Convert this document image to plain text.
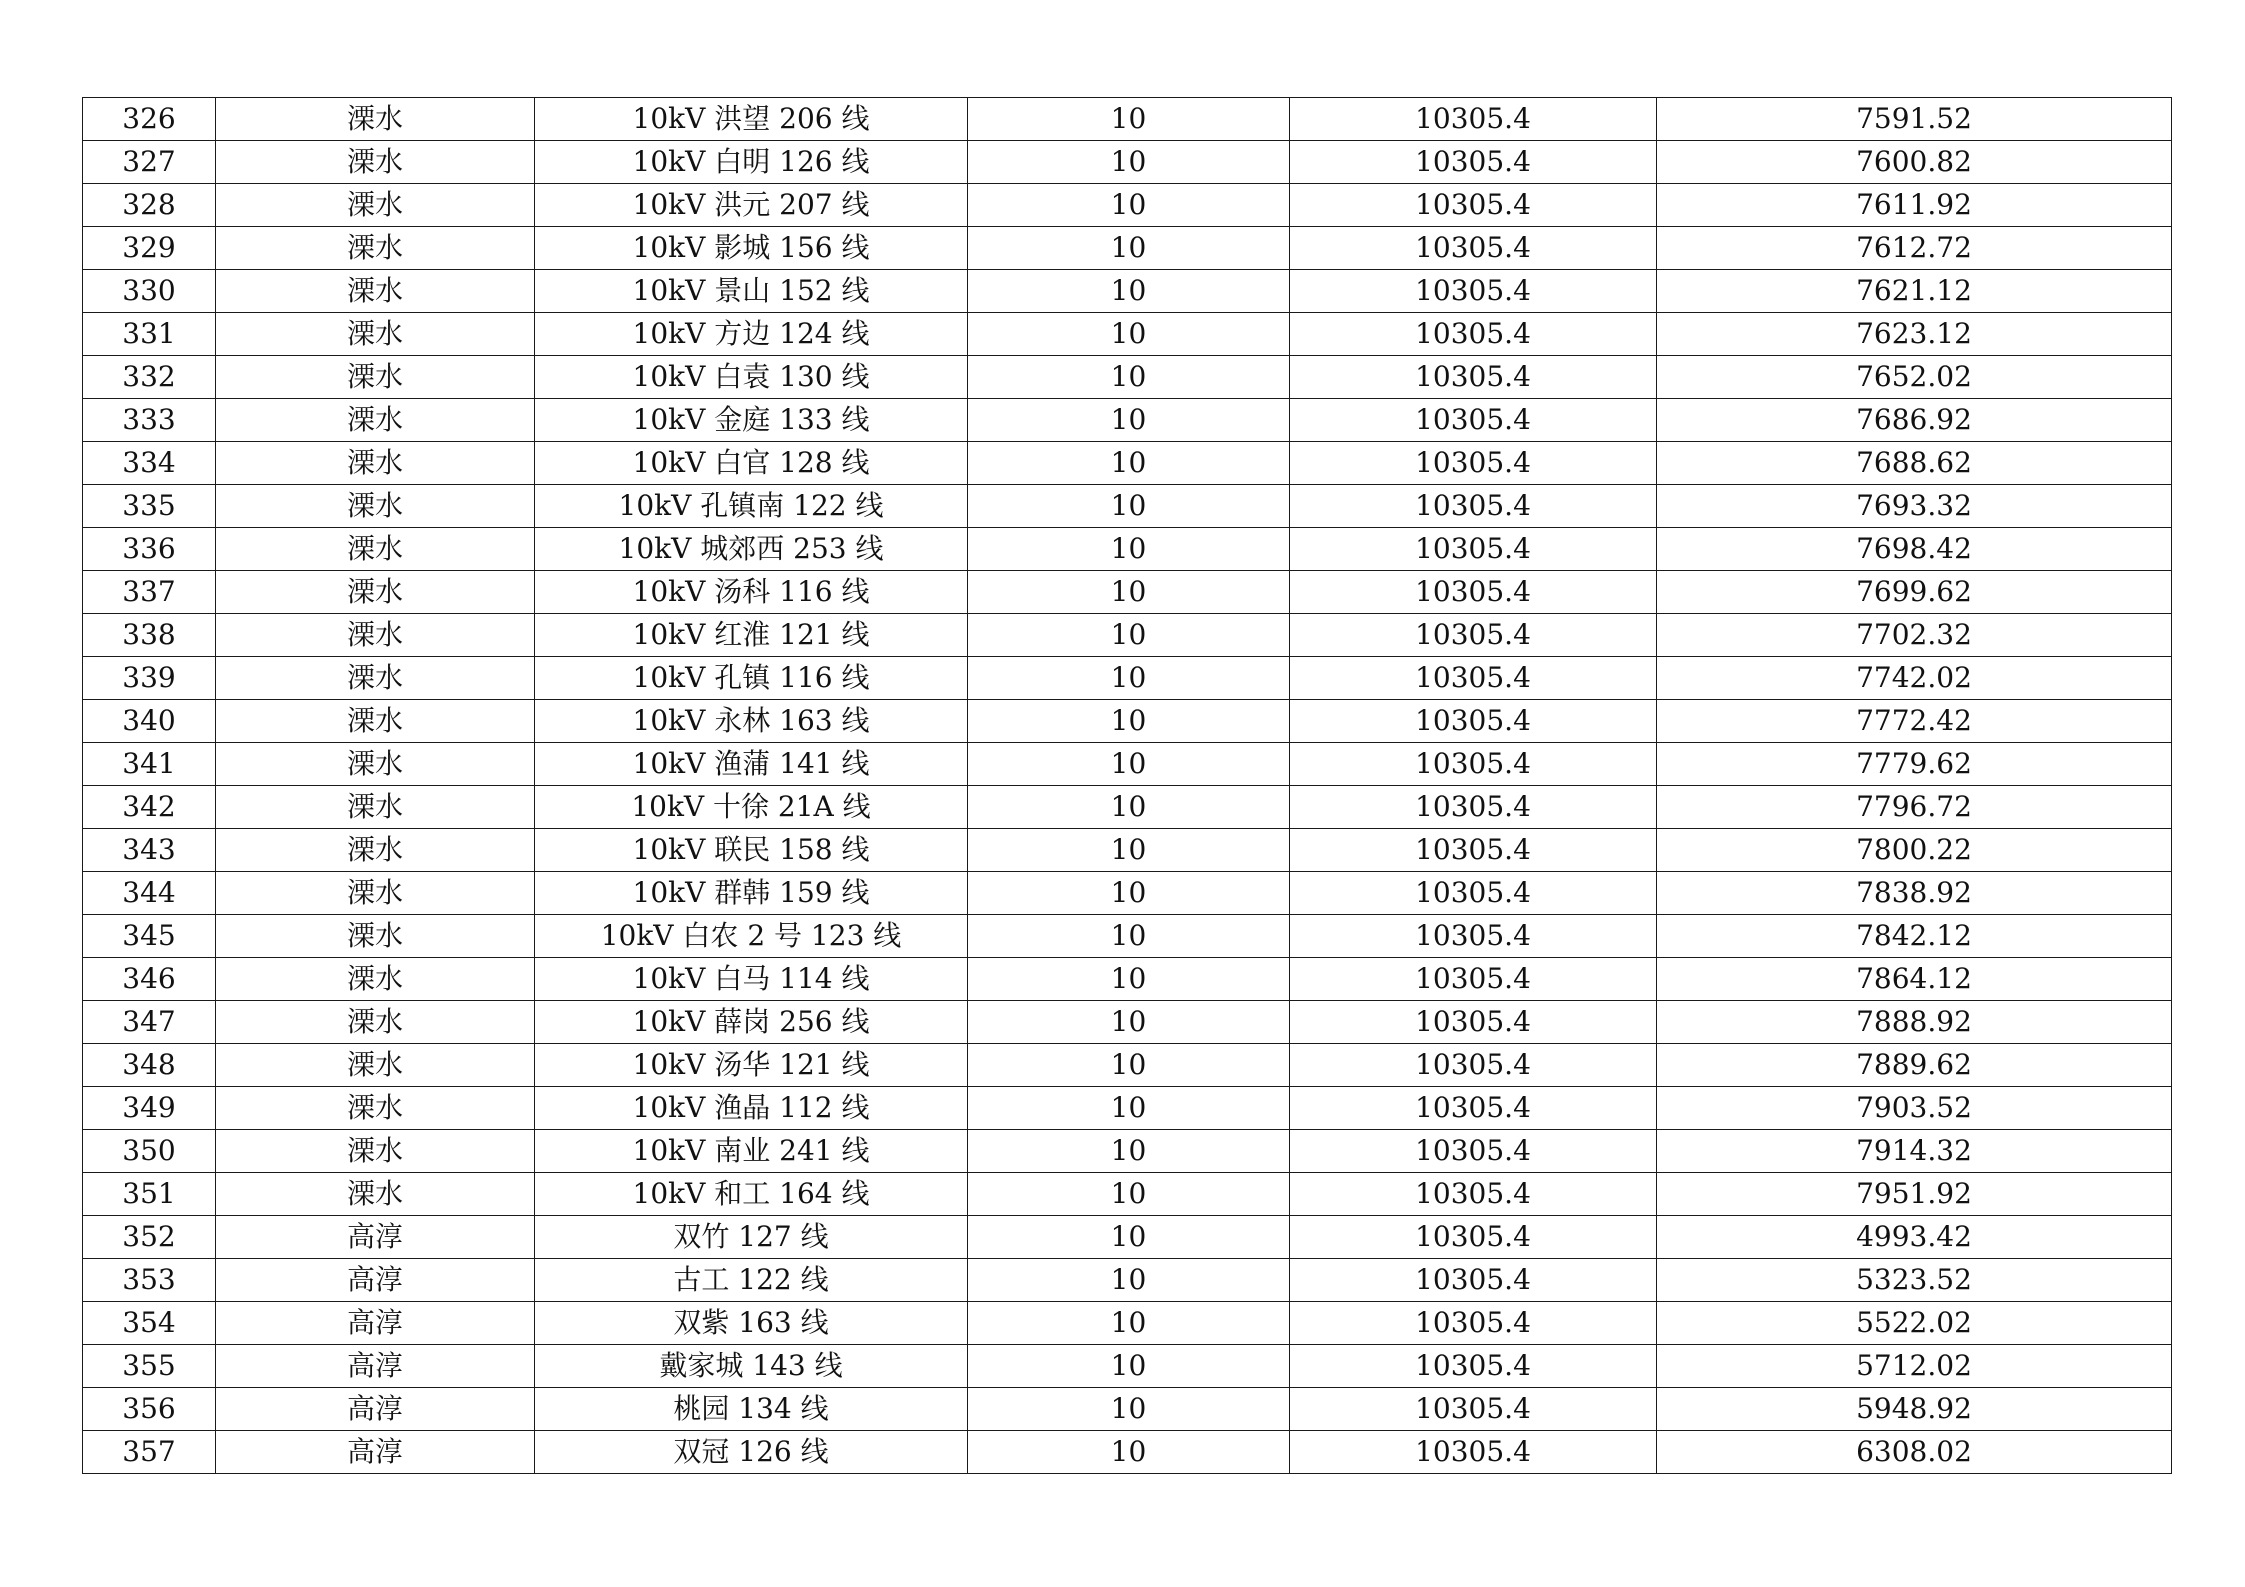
326	溧水	10kV 洪望 206 线	10	10305.4	7591.52
327	溧水	10kV 白明 126 线	10	10305.4	7600.82
328	溧水	10kV 洪元 207 线	10	10305.4	7611.92
329	溧水	10kV 影城 156 线	10	10305.4	7612.72
330	溧水	10kV 景山 152 线	10	10305.4	7621.12
331	溧水	10kV 方边 124 线	10	10305.4	7623.12
332	溧水	10kV 白袁 130 线	10	10305.4	7652.02
333	溧水	10kV 金庭 133 线	10	10305.4	7686.92
334	溧水	10kV 白官 128 线	10	10305.4	7688.62
335	溧水	10kV 孔镇南 122 线	10	10305.4	7693.32
336	溧水	10kV 城郊西 253 线	10	10305.4	7698.42
337	溧水	10kV 汤科 116 线	10	10305.4	7699.62
338	溧水	10kV 红淮 121 线	10	10305.4	7702.32
339	溧水	10kV 孔镇 116 线	10	10305.4	7742.02
340	溧水	10kV 永林 163 线	10	10305.4	7772.42
341	溧水	10kV 渔蒲 141 线	10	10305.4	7779.62
342	溧水	10kV 十徐 21A 线	10	10305.4	7796.72
343	溧水	10kV 联民 158 线	10	10305.4	7800.22
344	溧水	10kV 群韩 159 线	10	10305.4	7838.92
345	溧水	10kV 白农 2 号 123 线	10	10305.4	7842.12
346	溧水	10kV 白马 114 线	10	10305.4	7864.12
347	溧水	10kV 薛岗 256 线	10	10305.4	7888.92
348	溧水	10kV 汤华 121 线	10	10305.4	7889.62
349	溧水	10kV 渔晶 112 线	10	10305.4	7903.52
350	溧水	10kV 南业 241 线	10	10305.4	7914.32
351	溧水	10kV 和工 164 线	10	10305.4	7951.92
352	高淳	双竹 127 线	10	10305.4	4993.42
353	高淳	古工 122 线	10	10305.4	5323.52
354	高淳	双紫 163 线	10	10305.4	5522.02
355	高淳	戴家城 143 线	10	10305.4	5712.02
356	高淳	桃园 134 线	10	10305.4	5948.92
357	高淳	双冠 126 线	10	10305.4	6308.02
